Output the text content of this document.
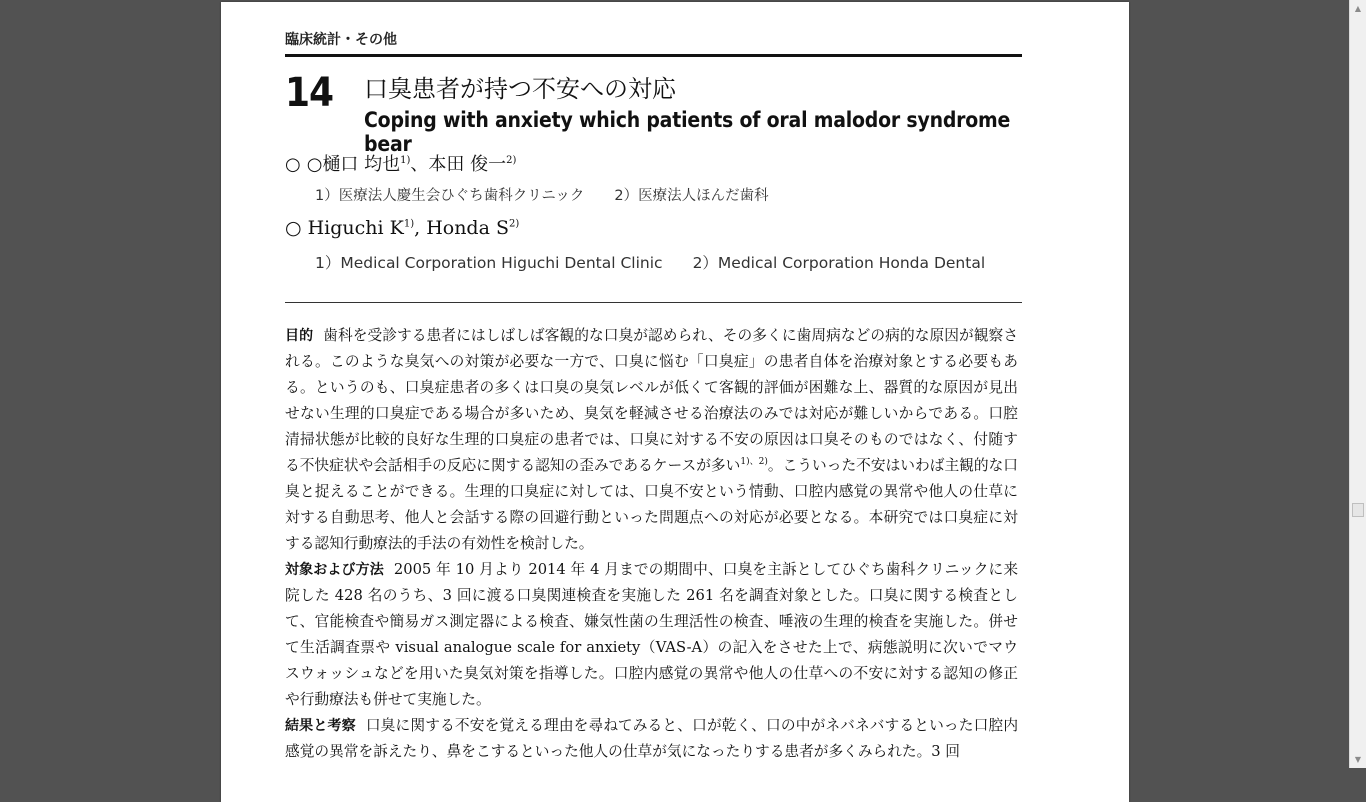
臨床統計・その他
14 口臭患者が持つ不安への対応
Coping with anxiety which patients of oral malodor syndrome bear
○ ○樋口 均也$^{1)}$、本田 俊一$^{2)}$
1）医療法人慶生会ひぐち歯科クリニック 2）医療法人ほんだ歯科
○ Higuchi $K^{1)}$, Honda $S^{2)}$
1）Medical Corporation Higuchi Dental Clinic 2）Medical Corporation Honda Dental

目的 歯科を受診する患者にはしばしば客観的な口臭が認められ、その多くに歯周病などの病的な原因が観察される。このような臭気への対策が必要な一方で、口臭に悩む「口臭症」の患者自体を治療対象とする必要もある。というのも、口臭症患者の多くは口臭の臭気レベルが低くて客観的評価が困難な上、器質的な原因が見出せない生理的口臭症である場合が多いため、臭気を軽減させる治療法のみでは対応が難しいからである。口腔清掃状態が比較的良好な生理的口臭症の患者では、口臭に対する不安の原因は口臭そのものではなく、付随する不快症状や会話相手の反応に関する認知の歪みであるケースが多い$^{1)、2)}$。こういった不安はいわば主観的な口臭と捉えることができる。生理的口臭症に対しては、口臭不安という情動、口腔内感覚の異常や他人の仕草に対する自動思考、他人と会話する際の回避行動といった問題点への対応が必要となる。本研究では口臭症に対する認知行動療法的手法の有効性を検討した。

対象および方法 2005 年 10 月より 2014 年 4 月までの期間中、口臭を主訴としてひぐち歯科クリニックに来院した 428 名のうち、3 回に渡る口臭関連検査を実施した 261 名を調査対象とした。口臭に関する検査として、官能検査や簡易ガス測定器による検査、嫌気性菌の生理活性の検査、唾液の生理的検査を実施した。併せて生活調査票や visual analogue scale for anxiety（VAS-A）の記入をさせた上で、病態説明に次いでマウスウォッシュなどを用いた臭気対策を指導した。口腔内感覚の異常や他人の仕草への不安に対する認知の修正や行動療法も併せて実施した。

結果と考察 口臭に関する不安を覚える理由を尋ねてみると、口が乾く、口の中がネバネバするといった口腔内感覚の異常を訴えたり、鼻をこするといった他人の仕草が気になったりする患者が多くみられた。3 回

▲
▼
